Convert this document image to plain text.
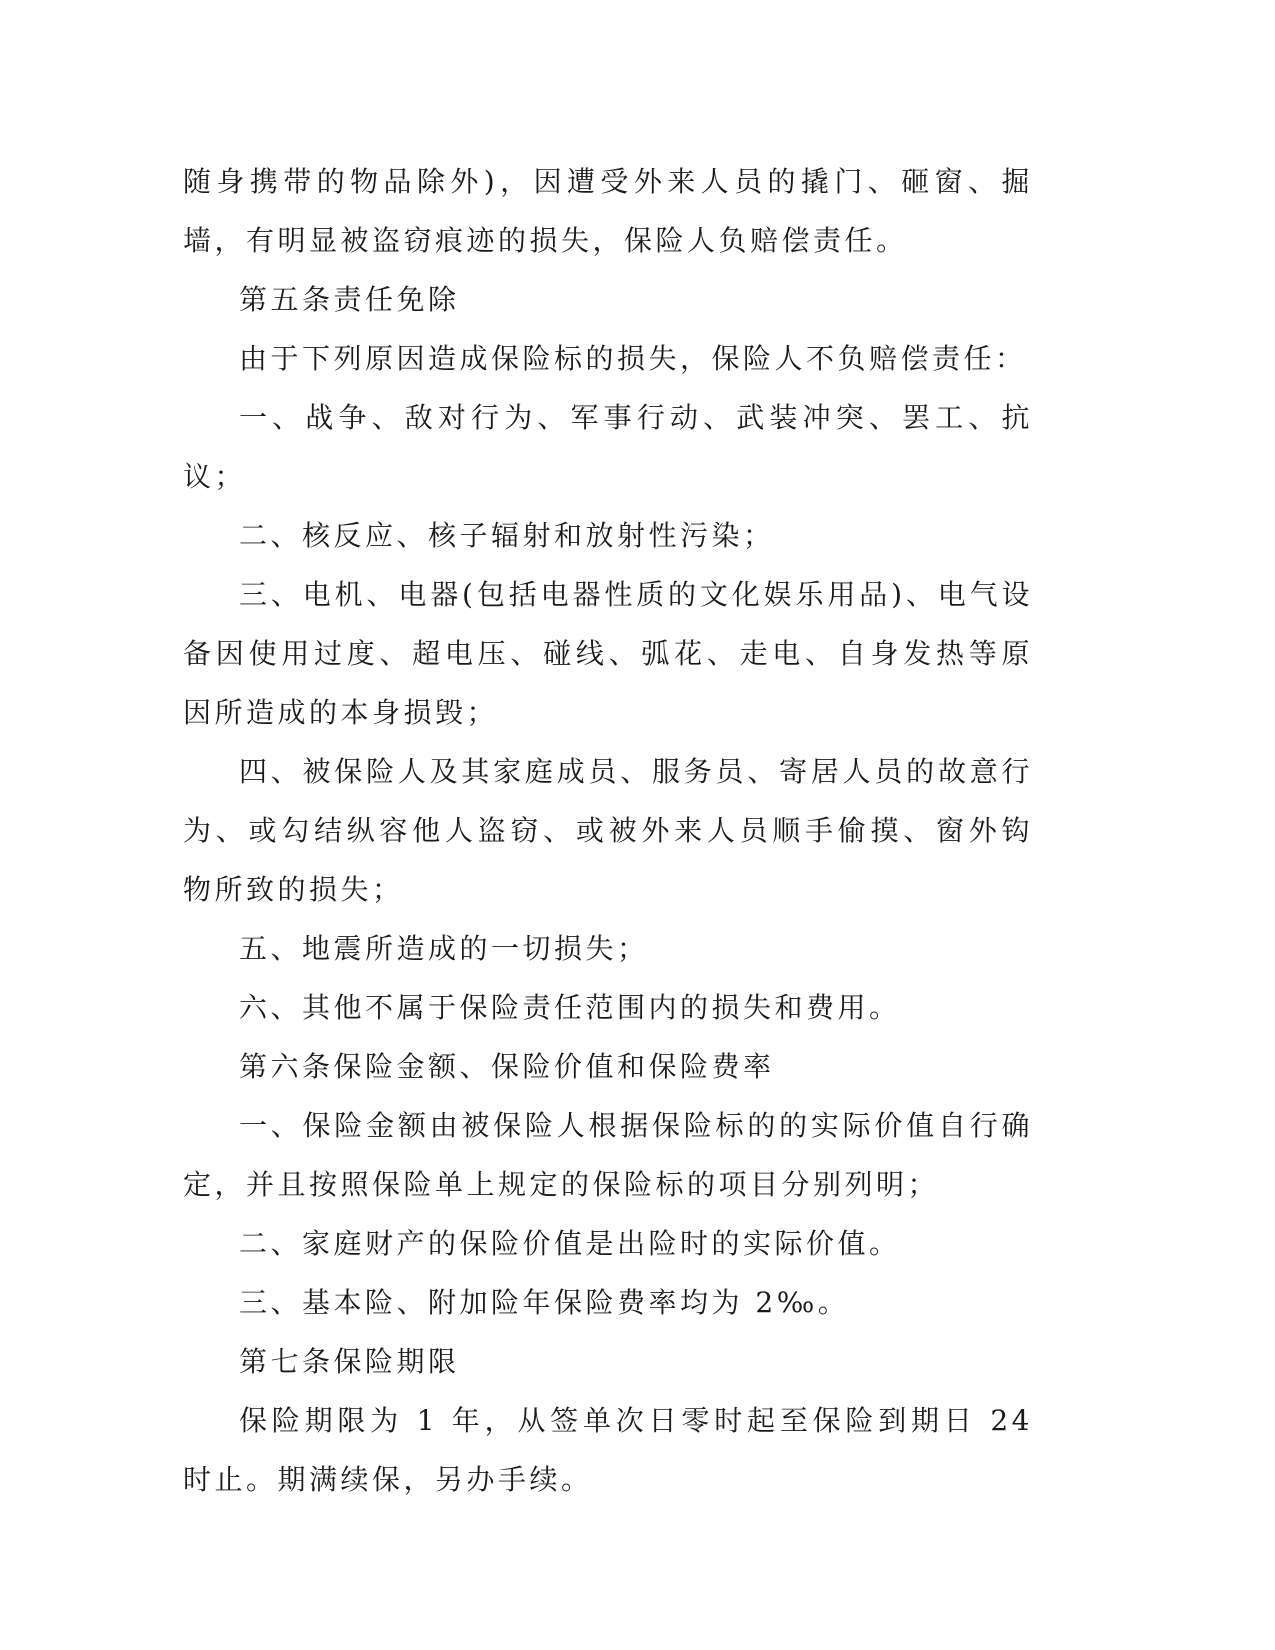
随身携带的物品除外)，因遭受外来人员的撬门、砸窗、掘墙，有明显被盗窃痕迹的损失，保险人负赔偿责任。

第五条责任免除

由于下列原因造成保险标的损失，保险人不负赔偿责任：

一、战争、敌对行为、军事行动、武装冲突、罢工、抗议；

二、核反应、核子辐射和放射性污染；

三、电机、电器(包括电器性质的文化娱乐用品)、电气设备因使用过度、超电压、碰线、弧花、走电、自身发热等原因所造成的本身损毁；

四、被保险人及其家庭成员、服务员、寄居人员的故意行为、或勾结纵容他人盗窃、或被外来人员顺手偷摸、窗外钩物所致的损失；

五、地震所造成的一切损失；

六、其他不属于保险责任范围内的损失和费用。

第六条保险金额、保险价值和保险费率

一、保险金额由被保险人根据保险标的的实际价值自行确定，并且按照保险单上规定的保险标的项目分别列明；

二、家庭财产的保险价值是出险时的实际价值。

三、基本险、附加险年保险费率均为 2‰。

第七条保险期限

保险期限为 1 年，从签单次日零时起至保险到期日 24 时止。期满续保，另办手续。
